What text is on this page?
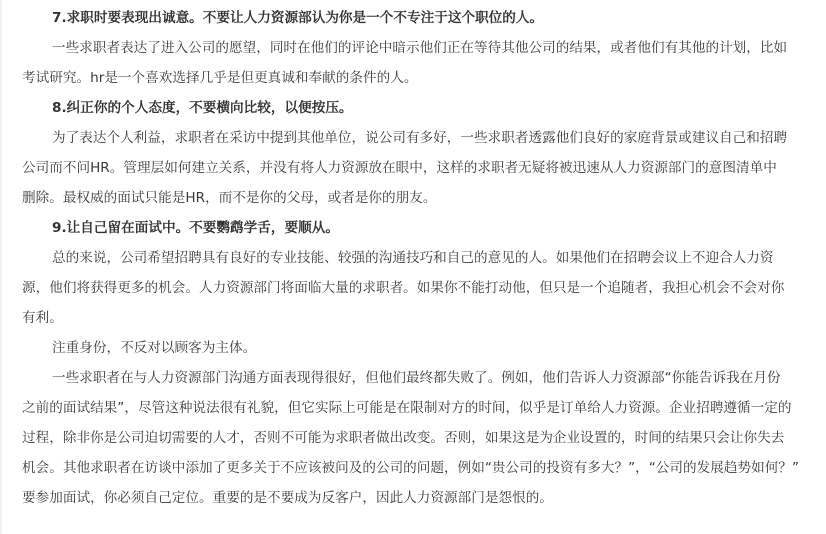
7.求职时要表现出诚意。不要让人力资源部认为你是一个不专注于这个职位的人。
一些求职者表达了进入公司的愿望，同时在他们的评论中暗示他们正在等待其他公司的结果，或者他们有其他的计划，比如
考试研究。hr是一个喜欢选择几乎是但更真诚和奉献的条件的人。
8.纠正你的个人态度，不要横向比较，以便按压。
为了表达个人利益，求职者在采访中提到其他单位，说公司有多好，一些求职者透露他们良好的家庭背景或建议自己和招聘
公司而不问HR。管理层如何建立关系，并没有将人力资源放在眼中，这样的求职者无疑将被迅速从人力资源部门的意图清单中
删除。最权威的面试只能是HR，而不是你的父母，或者是你的朋友。
9.让自己留在面试中。不要鹦鹉学舌，要顺从。
总的来说，公司希望招聘具有良好的专业技能、较强的沟通技巧和自己的意见的人。如果他们在招聘会议上不迎合人力资
源，他们将获得更多的机会。人力资源部门将面临大量的求职者。如果你不能打动他，但只是一个追随者，我担心机会不会对你
有利。
注重身份，不反对以顾客为主体。
一些求职者在与人力资源部门沟通方面表现得很好，但他们最终都失败了。例如，他们告诉人力资源部“你能告诉我在月份
之前的面试结果”，尽管这种说法很有礼貌，但它实际上可能是在限制对方的时间，似乎是订单给人力资源。企业招聘遵循一定的
过程，除非你是公司迫切需要的人才，否则不可能为求职者做出改变。否则，如果这是为企业设置的，时间的结果只会让你失去
机会。其他求职者在访谈中添加了更多关于不应该被问及的公司的问题，例如“贵公司的投资有多大？”，“公司的发展趋势如何？”
要参加面试，你必须自己定位。重要的是不要成为反客户，因此人力资源部门是怨恨的。
